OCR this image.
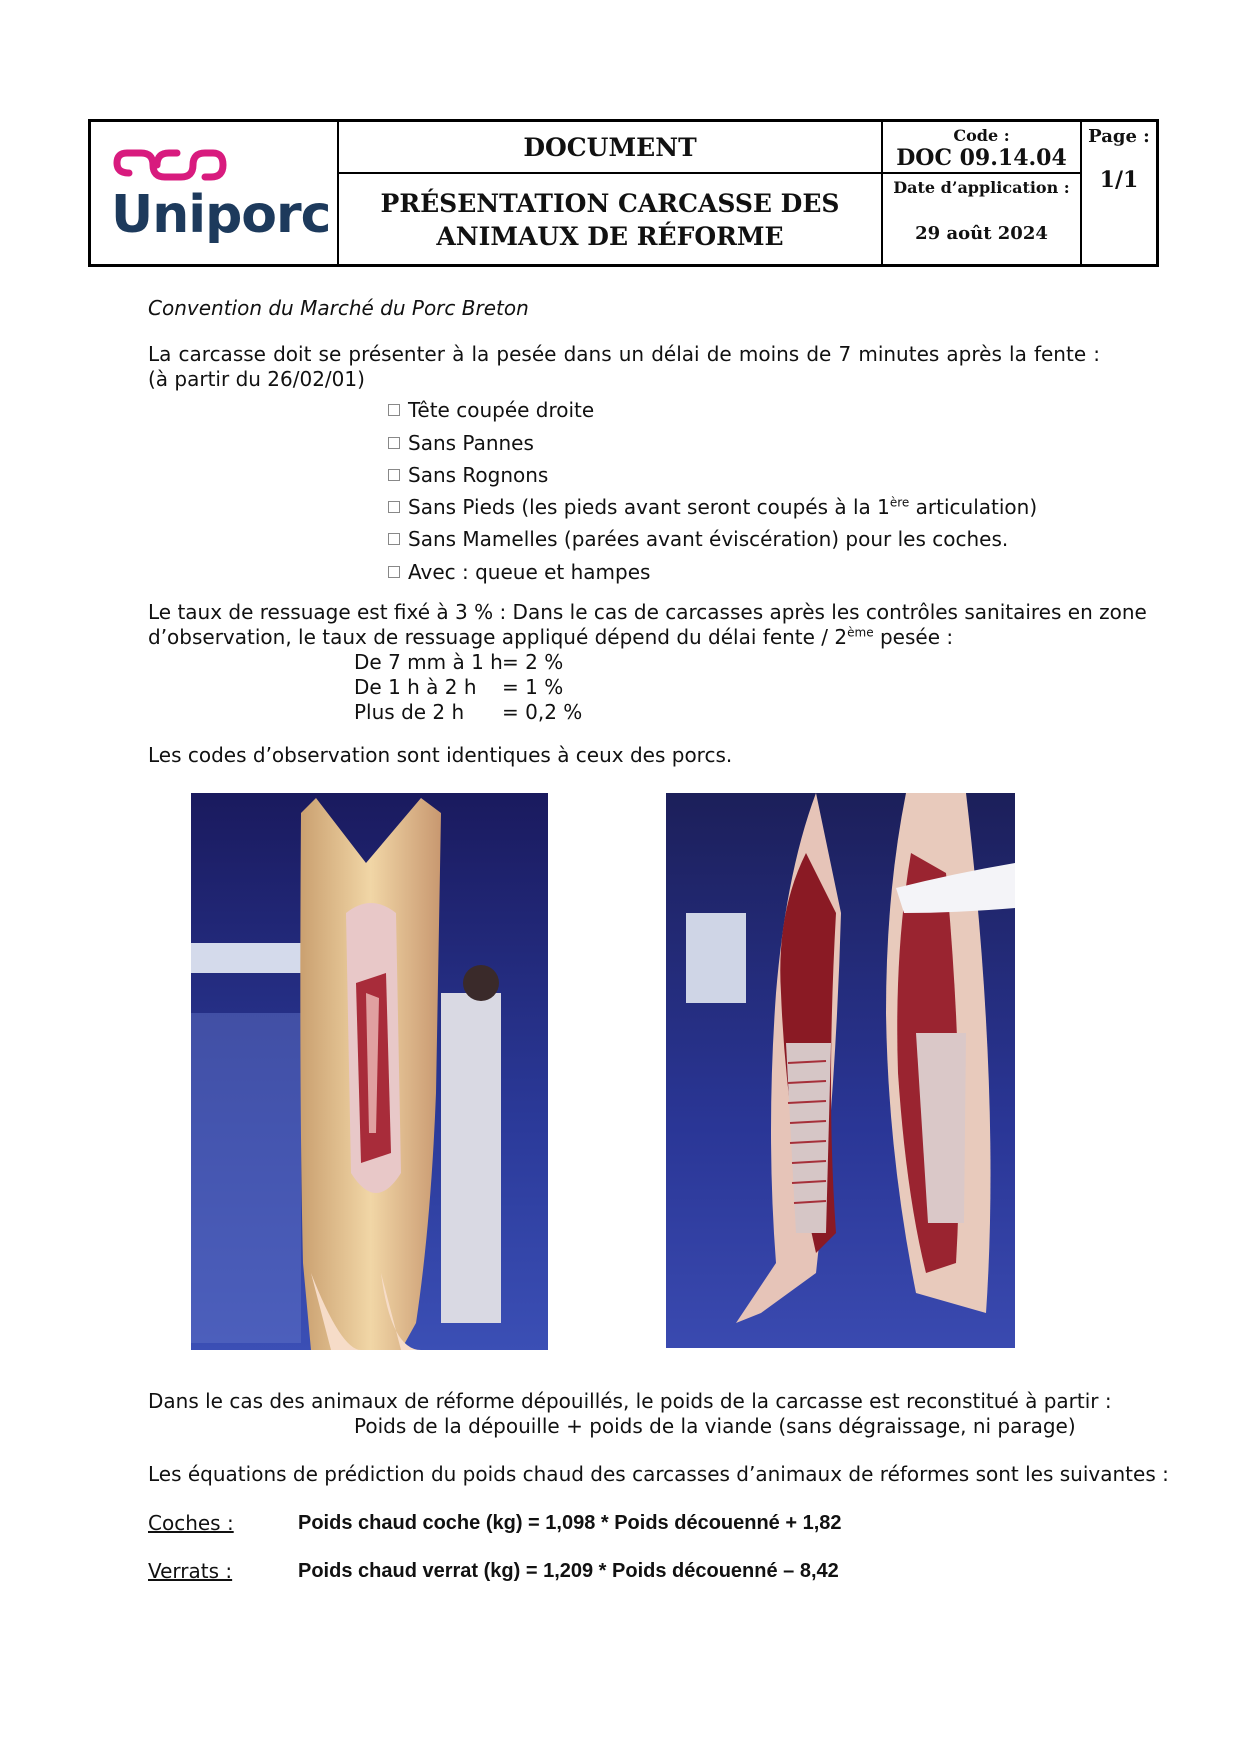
Uniporc
DOCUMENT
PRÉSENTATION CARCASSE DES
ANIMAUX DE RÉFORME
Code :
DOC 09.14.04
Date d’application :
29 août 2024
Page :
1/1
Convention du Marché du Porc Breton
La carcasse doit se présenter à la pesée dans un délai de moins de 7 minutes après la fente : (à partir du 26/02/01)
Tête coupée droite
Sans Pannes
Sans Rognons
Sans Pieds (les pieds avant seront coupés à la 1ère articulation)
Sans Mamelles (parées avant éviscération) pour les coches.
Avec : queue et hampes
Le taux de ressuage est fixé à 3 % : Dans le cas de carcasses après les contrôles sanitaires en zone
d’observation, le taux de ressuage appliqué dépend du délai fente / 2ème pesée :
De 7 mm à 1 h = 2 %
De 1 h à 2 h = 1 %
Plus de 2 h = 0,2 %
Les codes d’observation sont identiques à ceux des porcs.
Dans le cas des animaux de réforme dépouillés, le poids de la carcasse est reconstitué à partir :
Poids de la dépouille + poids de la viande (sans dégraissage, ni parage)
Les équations de prédiction du poids chaud des carcasses d’animaux de réformes sont les suivantes :
Coches :	Poids chaud coche (kg) = 1,098 * Poids découenné + 1,82
Verrats :	Poids chaud verrat (kg) = 1,209 * Poids découenné – 8,42
